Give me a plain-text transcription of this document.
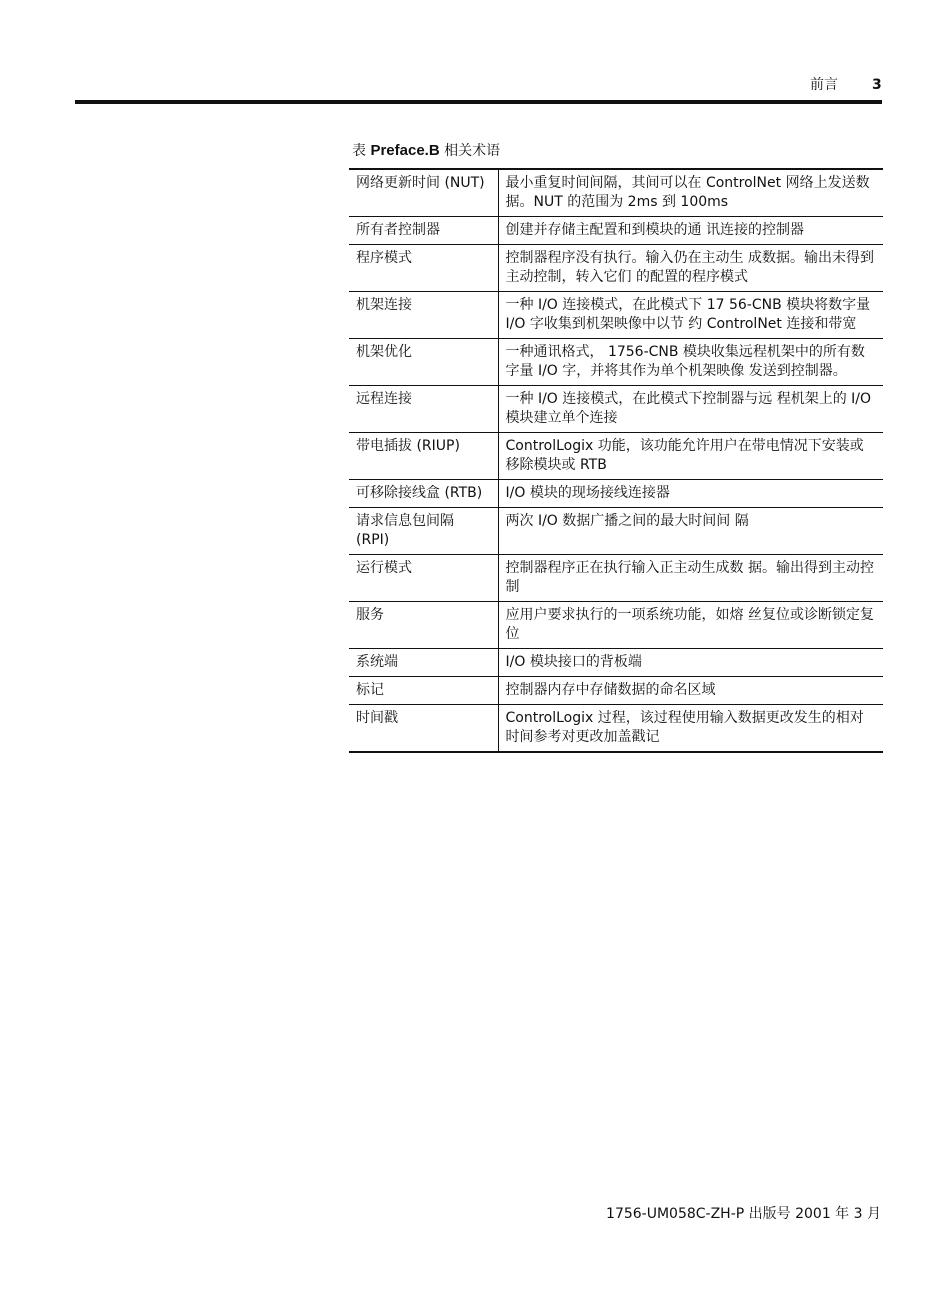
前言 3
表 Preface.B 相关术语
网络更新时间 (NUT)	最小重复时间间隔，其间可以在 ControlNet 网络上发送数据。NUT 的范围为 2ms 到 100ms
所有者控制器	创建并存储主配置和到模块的通 讯连接的控制器
程序模式	控制器程序没有执行。输入仍在主动生 成数据。输出未得到主动控制，转入它们 的配置的程序模式
机架连接	一种 I/O 连接模式，在此模式下 17 56-CNB 模块将数字量 I/O 字收集到机架映像中以节 约 ControlNet 连接和带宽
机架优化	一种通讯格式， 1756-CNB 模块收集远程机架中的所有数字量 I/O 字，并将其作为单个机架映像 发送到控制器。
远程连接	一种 I/O 连接模式，在此模式下控制器与远 程机架上的 I/O 模块建立单个连接
带电插拔 (RIUP)	ControlLogix 功能，该功能允许用户在带电情况下安装或移除模块或 RTB
可移除接线盒 (RTB)	I/O 模块的现场接线连接器
请求信息包间隔 (RPI)	两次 I/O 数据广播之间的最大时间间 隔
运行模式	控制器程序正在执行输入正主动生成数 据。输出得到主动控制
服务	应用户要求执行的一项系统功能，如熔 丝复位或诊断锁定复位
系统端	I/O 模块接口的背板端
标记	控制器内存中存储数据的命名区域
时间戳	ControlLogix 过程，该过程使用输入数据更改发生的相对时间参考对更改加盖戳记
1756-UM058C-ZH-P 出版号 2001 年 3 月
